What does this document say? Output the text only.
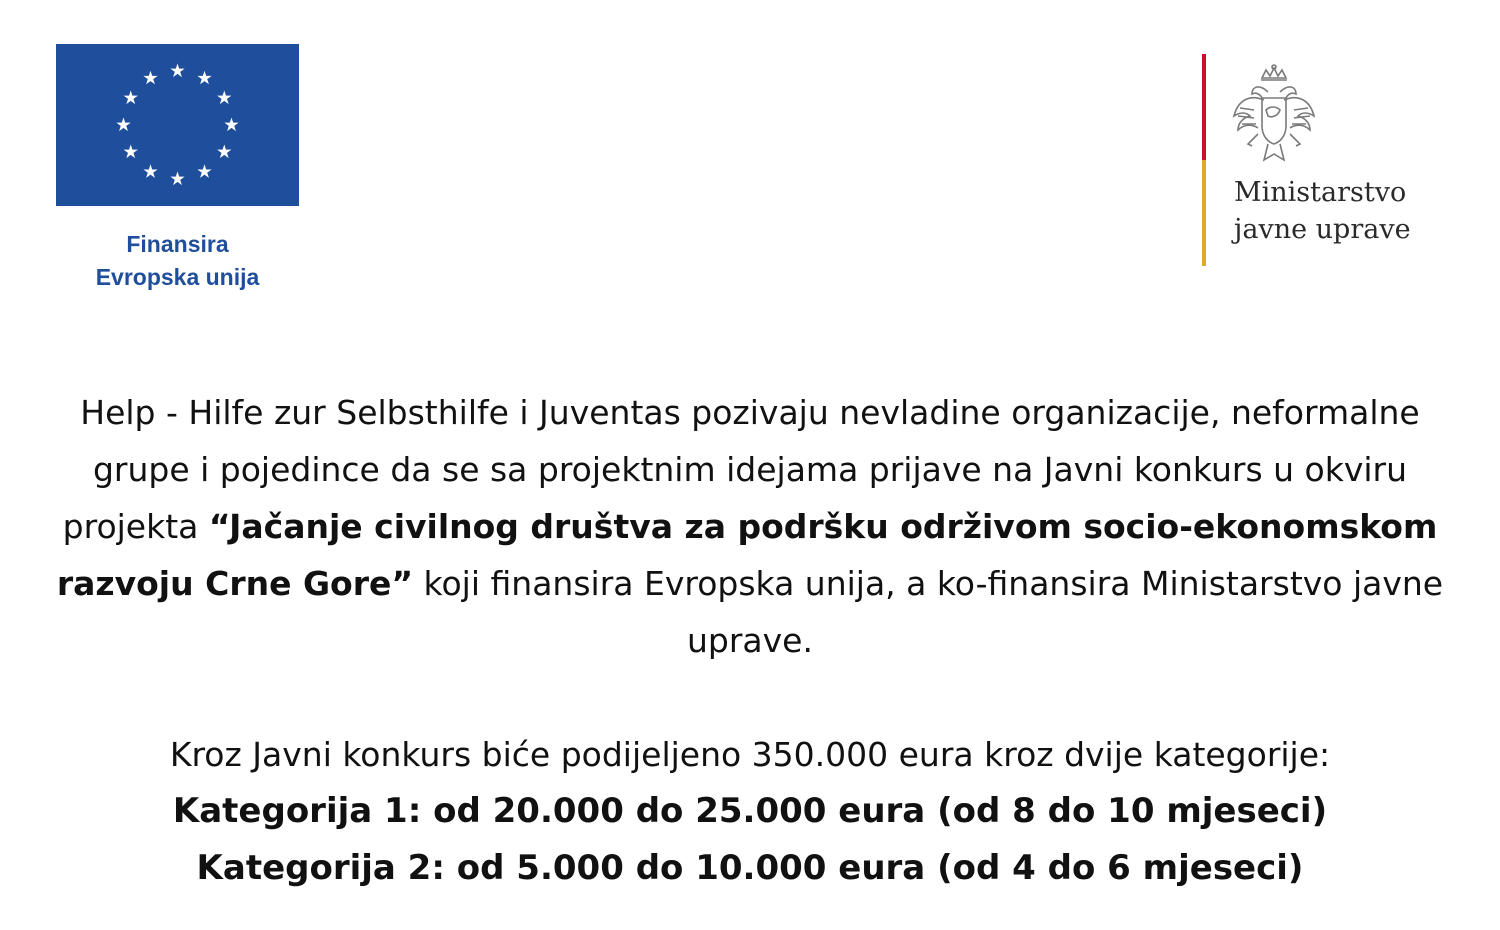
Finansira
Evropska unija
Ministarstvo
javne uprave

Help - Hilfe zur Selbsthilfe i Juventas pozivaju nevladine organizacije, neformalne grupe i pojedince da se sa projektnim idejama prijave na Javni konkurs u okviru projekta “Jačanje civilnog društva za podršku održivom socio-ekonomskom razvoju Crne Gore” koji finansira Evropska unija, a ko-finansira Ministarstvo javne uprave.

Kroz Javni konkurs biće podijeljeno 350.000 eura kroz dvije kategorije:
Kategorija 1: od 20.000 do 25.000 eura (od 8 do 10 mjeseci)
Kategorija 2: od 5.000 do 10.000 eura (od 4 do 6 mjeseci)
